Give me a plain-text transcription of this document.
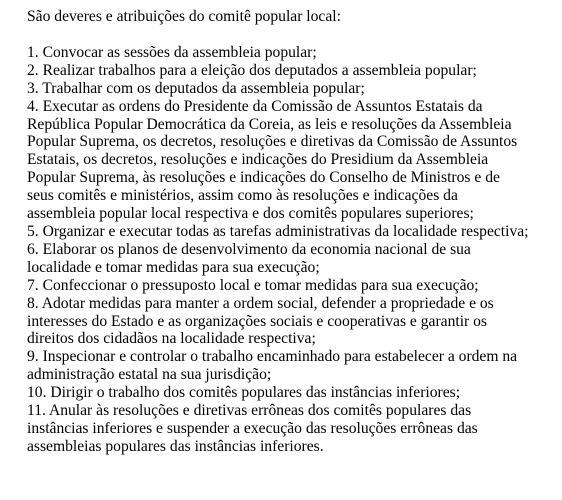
São deveres e atribuições do comitê popular local:

1. Convocar as sessões da assembleia popular;

2. Realizar trabalhos para a eleição dos deputados a assembleia popular;

3. Trabalhar com os deputados da assembleia popular;

4. Executar as ordens do Presidente da Comissão de Assuntos Estatais da
República Popular Democrática da Coreia, as leis e resoluções da Assembleia
Popular Suprema, os decretos, resoluções e diretivas da Comissão de Assuntos
Estatais, os decretos, resoluções e indicações do Presidium da Assembleia
Popular Suprema, às resoluções e indicações do Conselho de Ministros e de
seus comitês e ministérios, assim como às resoluções e indicações da
assembleia popular local respectiva e dos comitês populares superiores;

5. Organizar e executar todas as tarefas administrativas da localidade respectiva;

6. Elaborar os planos de desenvolvimento da economia nacional de sua
localidade e tomar medidas para sua execução;

7. Confeccionar o pressuposto local e tomar medidas para sua execução;

8. Adotar medidas para manter a ordem social, defender a propriedade e os
interesses do Estado e as organizações sociais e cooperativas e garantir os
direitos dos cidadãos na localidade respectiva;

9. Inspecionar e controlar o trabalho encaminhado para estabelecer a ordem na
administração estatal na sua jurisdição;

10. Dirigir o trabalho dos comitês populares das instâncias inferiores;

11. Anular às resoluções e diretivas errôneas dos comitês populares das
instâncias inferiores e suspender a execução das resoluções errôneas das
assembleias populares das instâncias inferiores.
